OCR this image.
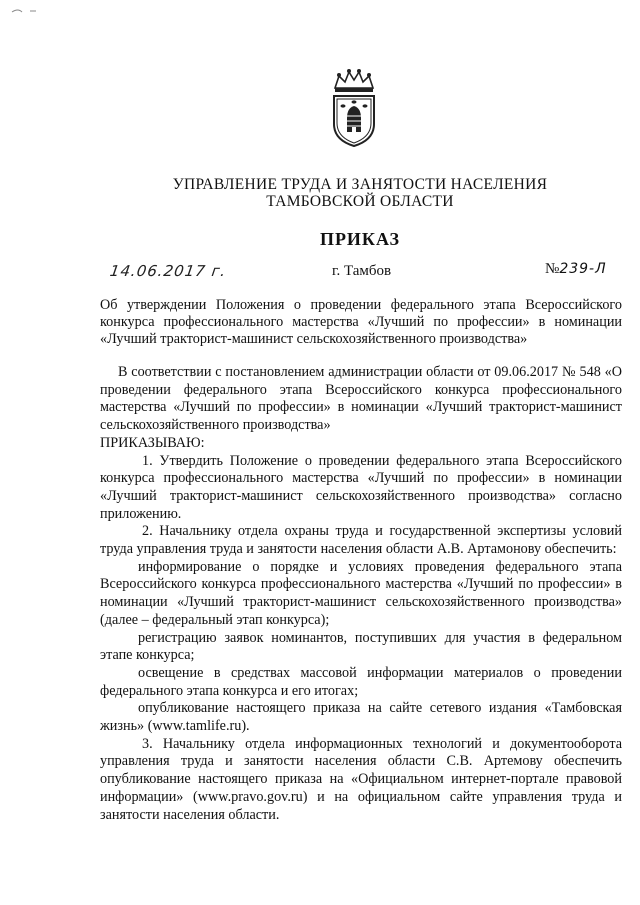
УПРАВЛЕНИЕ ТРУДА И ЗАНЯТОСТИ НАСЕЛЕНИЯ
ТАМБОВСКОЙ ОБЛАСТИ
ПРИКАЗ
14.06.2017 г.	г. Тамбов	№239-Л
Об утверждении Положения о проведении федерального этапа Всероссийского конкурса профессионального мастерства «Лучший по профессии» в номинации «Лучший тракторист-машинист сельскохозяйственного производства»

В соответствии с постановлением администрации области от 09.06.2017 № 548 «О проведении федерального этапа Всероссийского конкурса профессионального мастерства «Лучший по профессии» в номинации «Лучший тракторист-машинист сельскохозяйственного производства»

ПРИКАЗЫВАЮ:

1. Утвердить Положение о проведении федерального этапа Всероссийского конкурса профессионального мастерства «Лучший по профессии» в номинации «Лучший тракторист-машинист сельскохозяйственного производства» согласно приложению.

2. Начальнику отдела охраны труда и государственной экспертизы условий труда управления труда и занятости населения области А.В. Артамонову обеспечить:

информирование о порядке и условиях проведения федерального этапа Всероссийского конкурса профессионального мастерства «Лучший по профессии» в номинации «Лучший тракторист-машинист сельскохозяйственного производства» (далее – федеральный этап конкурса);

регистрацию заявок номинантов, поступивших для участия в федеральном этапе конкурса;

освещение в средствах массовой информации материалов о проведении федерального этапа конкурса и его итогах;

опубликование настоящего приказа на сайте сетевого издания «Тамбовская жизнь» (www.tamlife.ru).

3. Начальнику отдела информационных технологий и документооборота управления труда и занятости населения области С.В. Артемову обеспечить опубликование настоящего приказа на «Официальном интернет-портале правовой информации» (www.pravo.gov.ru) и на официальном сайте управления труда и занятости населения области.
